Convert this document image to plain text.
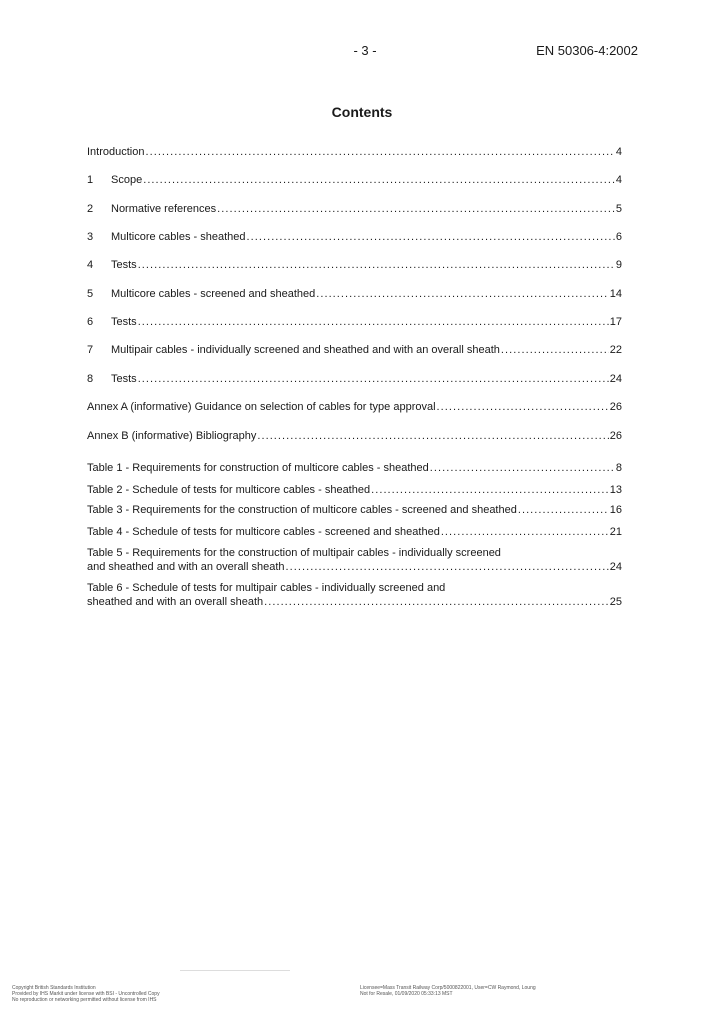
- 3 -	EN 50306-4:2002
Contents
Introduction . . .	4
1	Scope . . .	4
2	Normative references . . .	5
3	Multicore cables - sheathed . . .	6
4	Tests . . .	9
5	Multicore cables - screened and sheathed . . .	14
6	Tests . . .	17
7	Multipair cables - individually screened and sheathed and with an overall sheath . . .	22
8	Tests . . .	24
Annex A (informative) Guidance on selection of cables for type approval . . .	26
Annex B (informative) Bibliography . . .	26
Table 1 - Requirements for construction of multicore cables - sheathed . . .	8
Table 2 - Schedule of tests for multicore cables - sheathed . . .	13
Table 3 - Requirements for the construction of multicore cables - screened and sheathed . . .	16
Table 4 - Schedule of tests for multicore cables - screened and sheathed . . .	21
Table 5 - Requirements for the construction of multipair cables - individually screened
and sheathed and with an overall sheath . . .	24
Table 6 - Schedule of tests for multipair cables - individually screened and
sheathed and with an overall sheath . . .	25
Copyright British Standards Institution
Provided by IHS Markit under license with BSI - Uncontrolled Copy
No reproduction or networking permitted without license from IHS
Licensee=Mass Transit Railway Corp/5000822001, User=CW Raymond, Loung
Not for Resale, 01/09/2020 05:33:13 MST
